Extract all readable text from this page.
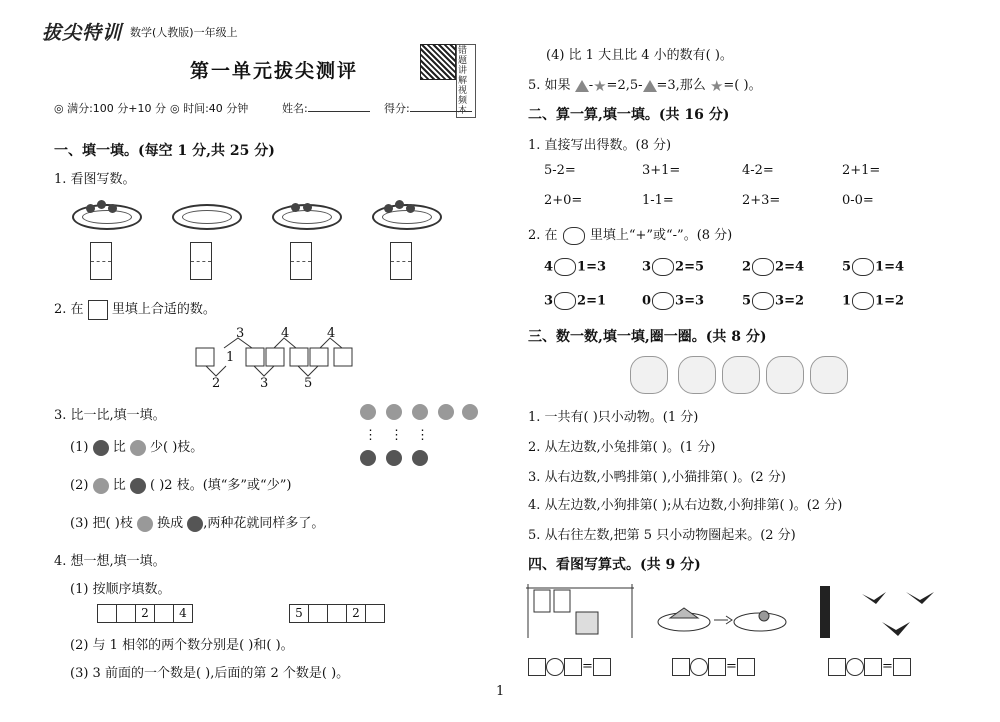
拔尖特训 数学(人教版)一年级上
第一单元拔尖测评
错题讲解视频本
◎ 满分:100 分+10 分 ◎ 时间:40 分钟	姓名:	得分:
一、填一填。(每空 1 分,共 25 分)
1. 看图写数。
2. 在 里填上合适的数。
3	4	4
1
2	3	5
3. 比一比,填一填。
⋮ ⋮ ⋮
(1) 比 少( )枝。
(2) 比 ( )2 枝。(填“多”或“少”)
(3) 把( )枝 换成 ,两种花就同样多了。
4. 想一想,填一填。
(1) 按顺序填数。
2	4	5	2
(2) 与 1 相邻的两个数分别是( )和( )。
(3) 3 前面的一个数是( ),后面的第 2 个数是( )。
(4) 比 1 大且比 4 小的数有( )。
5. 如果 -★=2,5- =3,那么 ★=( )。
二、算一算,填一填。(共 16 分)
1. 直接写出得数。(8 分)
5-2=	3+1=	4-2=	2+1=
2+0=	1-1=	2+3=	0-0=
2. 在 里填上“+”或“-”。(8 分)
4 1=3	3 2=5	2 2=4	5 1=4
3 2=1	0 3=3	5 3=2	1 1=2
三、数一数,填一填,圈一圈。(共 8 分)
1. 一共有( )只小动物。(1 分)
2. 从左边数,小兔排第( )。(1 分)
3. 从右边数,小鸭排第( ),小猫排第( )。(2 分)
4. 从左边数,小狗排第( );从右边数,小狗排第( )。(2 分)
5. 从右往左数,把第 5 只小动物圈起来。(2 分)
四、看图写算式。(共 9 分)
=	=	=
1
